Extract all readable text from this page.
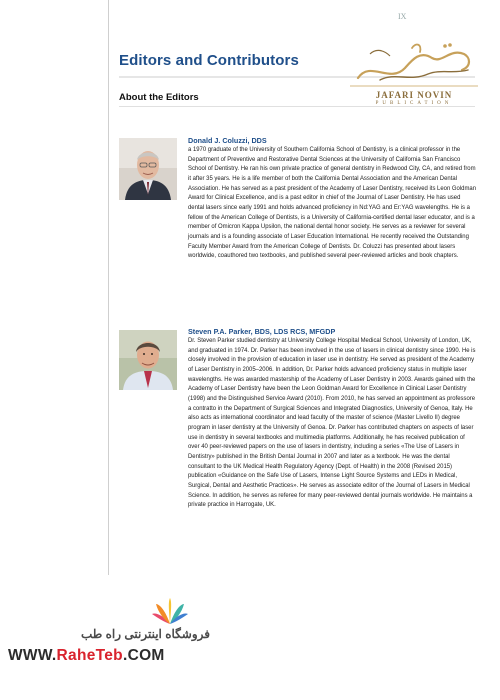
IX
Editors and Contributors
JAFARI NOVIN
PUBLICATION
About the Editors
Donald J. Coluzzi, DDS
a 1970 graduate of the University of Southern California School of Dentistry, is a clinical professor in the Department of Preventive and Restorative Dental Sciences at the University of California San Francisco School of Dentistry. He ran his own private practice of general dentistry in Redwood City, CA, and retired from it after 35 years. He is a life member of both the California Dental Association and the American Dental Association. He has served as a past president of the Academy of Laser Dentistry, received its Leon Goldman Award for Clinical Excellence, and is a past editor in chief of the Journal of Laser Dentistry. He has used dental lasers since early 1991 and holds advanced proficiency in Nd:YAG and Er:YAG wavelengths. He is a fellow of the American College of Dentists, is a University of California-certified dental laser educator, and is a member of Omicron Kappa Upsilon, the national dental honor society. He serves as a reviewer for several journals and is a founding associate of Laser Education International. He recently received the Outstanding Faculty Member Award from the American College of Dentists. Dr. Coluzzi has presented about lasers worldwide, coauthored two textbooks, and published several peer-reviewed articles and book chapters.
Steven P.A. Parker, BDS, LDS RCS, MFGDP
Dr. Steven Parker studied dentistry at University College Hospital Medical School, University of London, UK, and graduated in 1974. Dr. Parker has been involved in the use of lasers in clinical dentistry since 1990. He is closely involved in the provision of education in laser use in dentistry. He served as president of the Academy of Laser Dentistry in 2005–2006. In addition, Dr. Parker holds advanced proficiency status in multiple laser wavelengths. He was awarded mastership of the Academy of Laser Dentistry in 2003. Awards gained with the Academy of Laser Dentistry have been the Leon Goldman Award for Excellence in Clinical Laser Dentistry (1998) and the Distinguished Service Award (2010). From 2010, he has served an appointment as professore a contratto in the Department of Surgical Sciences and Integrated Diagnostics, University of Genoa, Italy. He also acts as international coordinator and lead faculty of the master of science (Master Livello II) degree program in laser dentistry at the University of Genoa. Dr. Parker has contributed chapters on aspects of laser use in dentistry in several textbooks and multimedia platforms. Additionally, he has received publication of over 40 peer-reviewed papers on the use of lasers in dentistry, including a series «The Use of Lasers in Dentistry» published in the British Dental Journal in 2007 and later as a textbook. He was the dental consultant to the UK Medical Health Regulatory Agency (Dept. of Health) in the 2008 (Revised 2015) publication «Guidance on the Safe Use of Lasers, Intense Light Source Systems and LEDs in Medical, Surgical, Dental and Aesthetic Practices». He serves as associate editor of the Journal of Lasers in Medical Science. In addition, he serves as referee for many peer-reviewed dental journals worldwide. He maintains a private practice in Harrogate, UK.
فروشگاه اینترنتی راه طب
WWW.RaheTeb.COM
